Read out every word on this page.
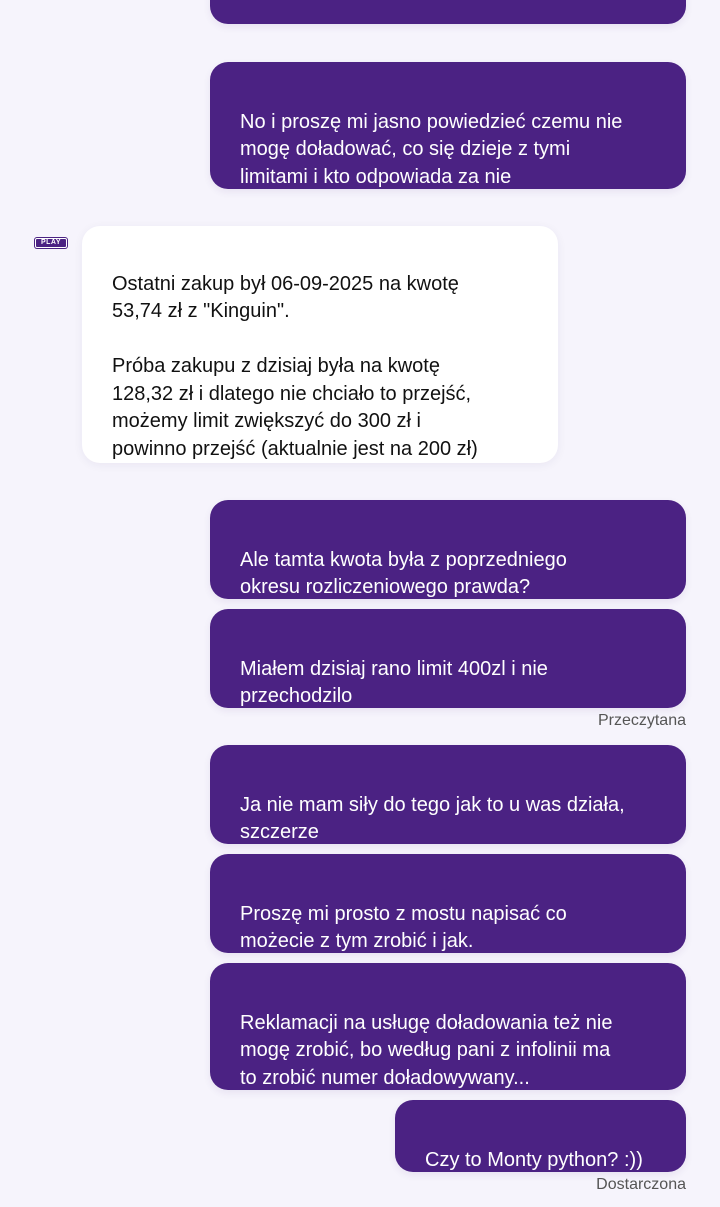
No i proszę mi jasno powiedzieć czemu nie
mogę doładować, co się dzieje z tymi
limitami i kto odpowiada za nie

PLAY

Ostatni zakup był 06-09-2025 na kwotę
53,74 zł z "Kinguin".

Próba zakupu z dzisiaj była na kwotę
128,32 zł i dlatego nie chciało to przejść,
możemy limit zwiększyć do 300 zł i
powinno przejść (aktualnie jest na 200 zł)

Ale tamta kwota była z poprzedniego
okresu rozliczeniowego prawda?

Miałem dzisiaj rano limit 400zl i nie
przechodzilo

Przeczytana

Ja nie mam siły do tego jak to u was działa,
szczerze

Proszę mi prosto z mostu napisać co
możecie z tym zrobić i jak.

Reklamacji na usługę doładowania też nie
mogę zrobić, bo według pani z infolinii ma
to zrobić numer doładowywany...

Czy to Monty python? :))

Dostarczona
